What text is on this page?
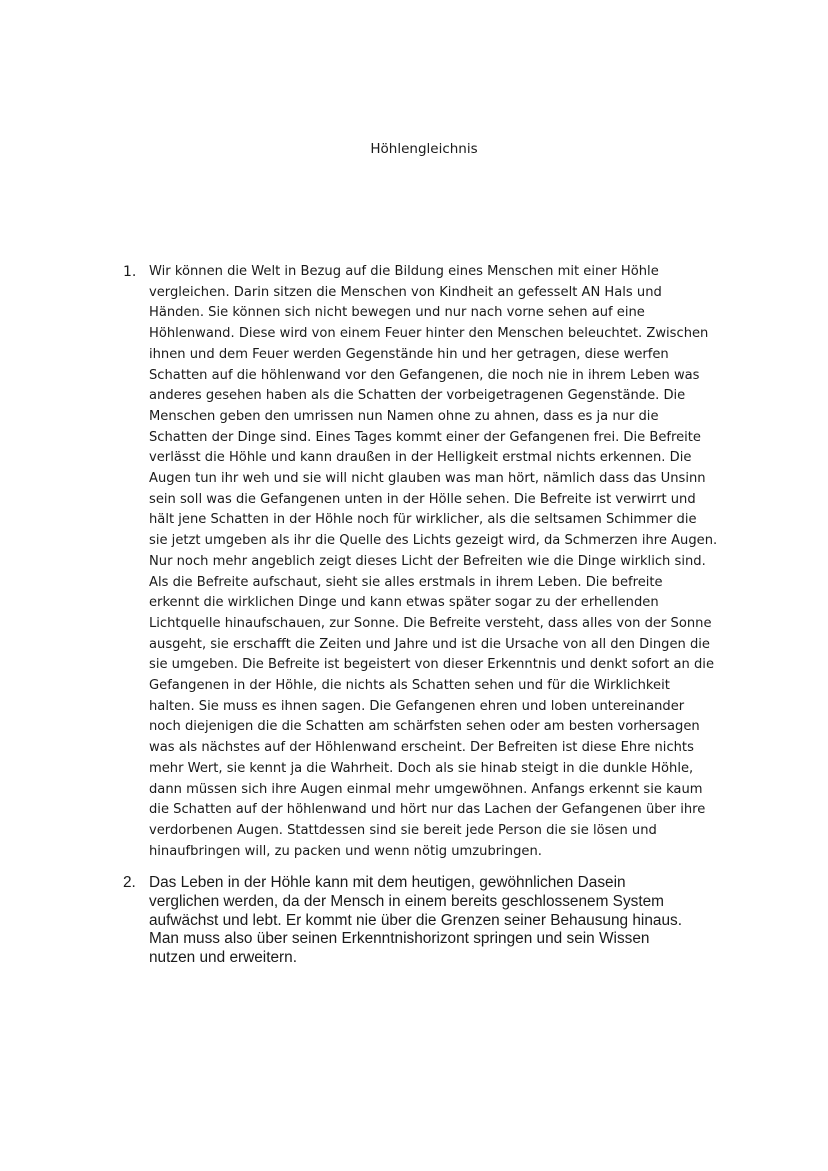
Höhlengleichnis
1. Wir können die Welt in Bezug auf die Bildung eines Menschen mit einer Höhle
vergleichen. Darin sitzen die Menschen von Kindheit an gefesselt AN Hals und
Händen. Sie können sich nicht bewegen und nur nach vorne sehen auf eine
Höhlenwand. Diese wird von einem Feuer hinter den Menschen beleuchtet. Zwischen
ihnen und dem Feuer werden Gegenstände hin und her getragen, diese werfen
Schatten auf die höhlenwand vor den Gefangenen, die noch nie in ihrem Leben was
anderes gesehen haben als die Schatten der vorbeigetragenen Gegenstände. Die
Menschen geben den umrissen nun Namen ohne zu ahnen, dass es ja nur die
Schatten der Dinge sind. Eines Tages kommt einer der Gefangenen frei. Die Befreite
verlässt die Höhle und kann draußen in der Helligkeit erstmal nichts erkennen. Die
Augen tun ihr weh und sie will nicht glauben was man hört, nämlich dass das Unsinn
sein soll was die Gefangenen unten in der Hölle sehen. Die Befreite ist verwirrt und
hält jene Schatten in der Höhle noch für wirklicher, als die seltsamen Schimmer die
sie jetzt umgeben als ihr die Quelle des Lichts gezeigt wird, da Schmerzen ihre Augen.
Nur noch mehr angeblich zeigt dieses Licht der Befreiten wie die Dinge wirklich sind.
Als die Befreite aufschaut, sieht sie alles erstmals in ihrem Leben. Die befreite
erkennt die wirklichen Dinge und kann etwas später sogar zu der erhellenden
Lichtquelle hinaufschauen, zur Sonne. Die Befreite versteht, dass alles von der Sonne
ausgeht, sie erschafft die Zeiten und Jahre und ist die Ursache von all den Dingen die
sie umgeben. Die Befreite ist begeistert von dieser Erkenntnis und denkt sofort an die
Gefangenen in der Höhle, die nichts als Schatten sehen und für die Wirklichkeit
halten. Sie muss es ihnen sagen. Die Gefangenen ehren und loben untereinander
noch diejenigen die die Schatten am schärfsten sehen oder am besten vorhersagen
was als nächstes auf der Höhlenwand erscheint. Der Befreiten ist diese Ehre nichts
mehr Wert, sie kennt ja die Wahrheit. Doch als sie hinab steigt in die dunkle Höhle,
dann müssen sich ihre Augen einmal mehr umgewöhnen. Anfangs erkennt sie kaum
die Schatten auf der höhlenwand und hört nur das Lachen der Gefangenen über ihre
verdorbenen Augen. Stattdessen sind sie bereit jede Person die sie lösen und
hinaufbringen will, zu packen und wenn nötig umzubringen.
2. Das Leben in der Höhle kann mit dem heutigen, gewöhnlichen Dasein
verglichen werden, da der Mensch in einem bereits geschlossenem System
aufwächst und lebt. Er kommt nie über die Grenzen seiner Behausung hinaus.
Man muss also über seinen Erkenntnishorizont springen und sein Wissen
nutzen und erweitern.
